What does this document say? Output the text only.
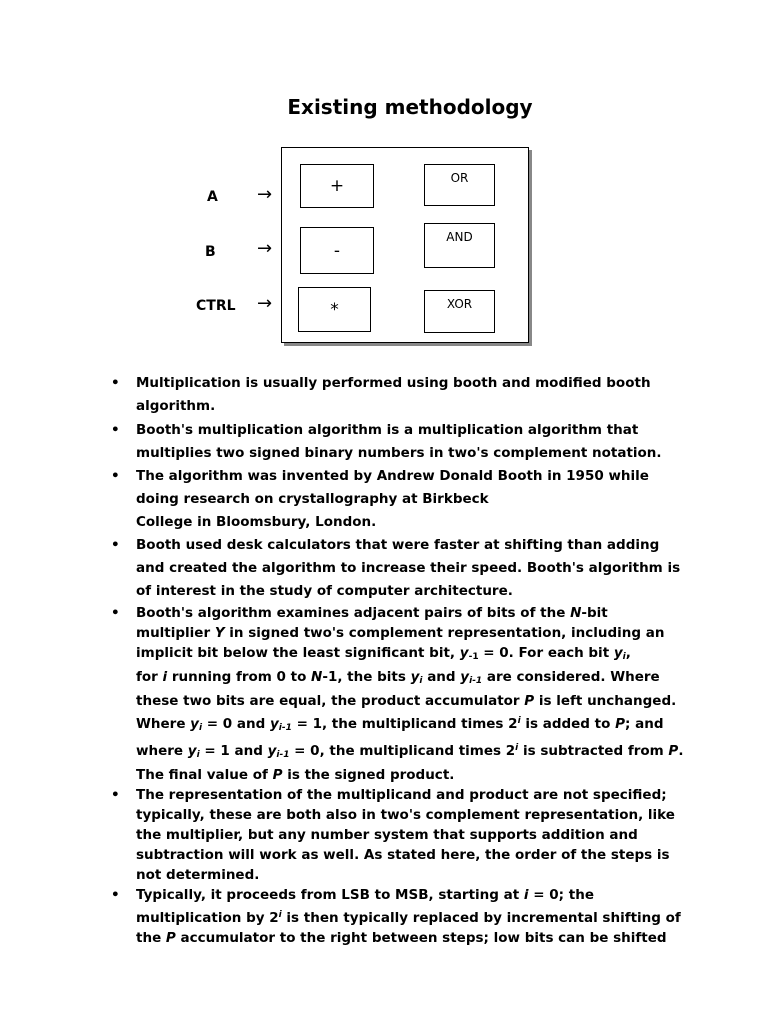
Existing methodology
A
B
CTRL
→
→
→
+
-
*
OR
AND
XOR
• Multiplication is usually performed using booth and modified booth
algorithm.
• Booth's multiplication algorithm is a multiplication algorithm that
multiplies two signed binary numbers in two's complement notation.
• The algorithm was invented by Andrew Donald Booth in 1950 while
doing research on crystallography at Birkbeck
College in Bloomsbury, London.
• Booth used desk calculators that were faster at shifting than adding
and created the algorithm to increase their speed. Booth's algorithm is
of interest in the study of computer architecture.
• Booth's algorithm examines adjacent pairs of bits of the N-bit
multiplier Y in signed two's complement representation, including an
implicit bit below the least significant bit, $y_{-1} = 0$. For each bit $y_i$,
for i running from 0 to N-1, the bits $y_i$ and $y_{i-1}$ are considered. Where
these two bits are equal, the product accumulator P is left unchanged.
Where $y_i = 0$ and $y_{i-1} = 1$, the multiplicand times 2$^i$ is added to P; and
where $y_i = 1$ and $y_{i-1} = 0$, the multiplicand times 2$^i$ is subtracted from P.
The final value of P is the signed product.
• The representation of the multiplicand and product are not specified;
typically, these are both also in two's complement representation, like
the multiplier, but any number system that supports addition and
subtraction will work as well. As stated here, the order of the steps is
not determined.
• Typically, it proceeds from LSB to MSB, starting at i = 0; the
multiplication by 2$^i$ is then typically replaced by incremental shifting of
the P accumulator to the right between steps; low bits can be shifted
